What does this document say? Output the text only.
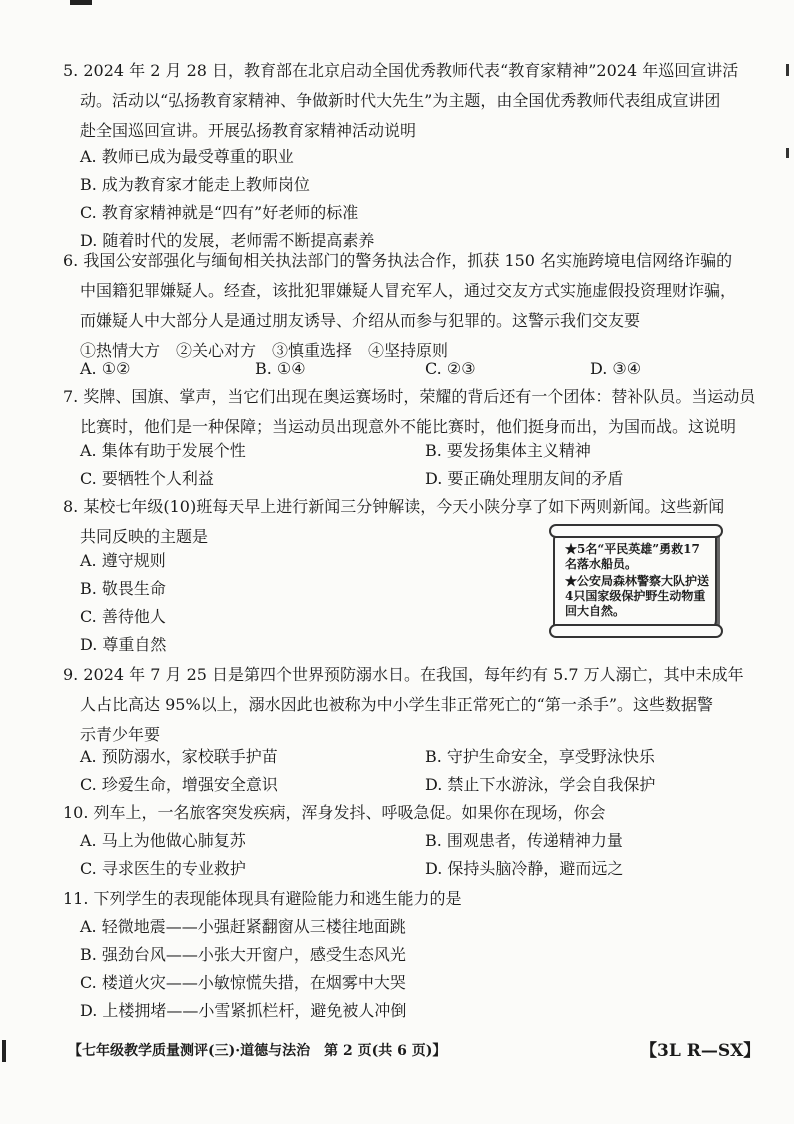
5. 2024 年 2 月 28 日，教育部在北京启动全国优秀教师代表“教育家精神”2024 年巡回宣讲活
动。活动以“弘扬教育家精神、争做新时代大先生”为主题，由全国优秀教师代表组成宣讲团
赴全国巡回宣讲。开展弘扬教育家精神活动说明
A. 教师已成为最受尊重的职业
B. 成为教育家才能走上教师岗位
C. 教育家精神就是“四有”好老师的标准
D. 随着时代的发展，老师需不断提高素养
6. 我国公安部强化与缅甸相关执法部门的警务执法合作，抓获 150 名实施跨境电信网络诈骗的
中国籍犯罪嫌疑人。经查，该批犯罪嫌疑人冒充军人，通过交友方式实施虚假投资理财诈骗，
而嫌疑人中大部分人是通过朋友诱导、介绍从而参与犯罪的。这警示我们交友要
①热情大方　②关心对方　③慎重选择　④坚持原则
A. ①②	B. ①④	C. ②③	D. ③④
7. 奖牌、国旗、掌声，当它们出现在奥运赛场时，荣耀的背后还有一个团体：替补队员。当运动员
比赛时，他们是一种保障；当运动员出现意外不能比赛时，他们挺身而出，为国而战。这说明
A. 集体有助于发展个性	B. 要发扬集体主义精神
C. 要牺牲个人利益	D. 要正确处理朋友间的矛盾
8. 某校七年级(10)班每天早上进行新闻三分钟解读，今天小陕分享了如下两则新闻。这些新闻
共同反映的主题是
A. 遵守规则
B. 敬畏生命
C. 善待他人
D. 尊重自然
★5名“平民英雄”勇救17名落水船员。
★公安局森林警察大队护送4只国家级保护野生动物重回大自然。
9. 2024 年 7 月 25 日是第四个世界预防溺水日。在我国，每年约有 5.7 万人溺亡，其中未成年
人占比高达 95%以上，溺水因此也被称为中小学生非正常死亡的“第一杀手”。这些数据警
示青少年要
A. 预防溺水，家校联手护苗	B. 守护生命安全，享受野泳快乐
C. 珍爱生命，增强安全意识	D. 禁止下水游泳，学会自我保护
10. 列车上，一名旅客突发疾病，浑身发抖、呼吸急促。如果你在现场，你会
A. 马上为他做心肺复苏	B. 围观患者，传递精神力量
C. 寻求医生的专业救护	D. 保持头脑冷静，避而远之
11. 下列学生的表现能体现具有避险能力和逃生能力的是
A. 轻微地震——小强赶紧翻窗从三楼往地面跳
B. 强劲台风——小张大开窗户，感受生态风光
C. 楼道火灾——小敏惊慌失措，在烟雾中大哭
D. 上楼拥堵——小雪紧抓栏杆，避免被人冲倒
【七年级教学质量测评(三)·道德与法治　第 2 页(共 6 页)】	【3L R—SX】
